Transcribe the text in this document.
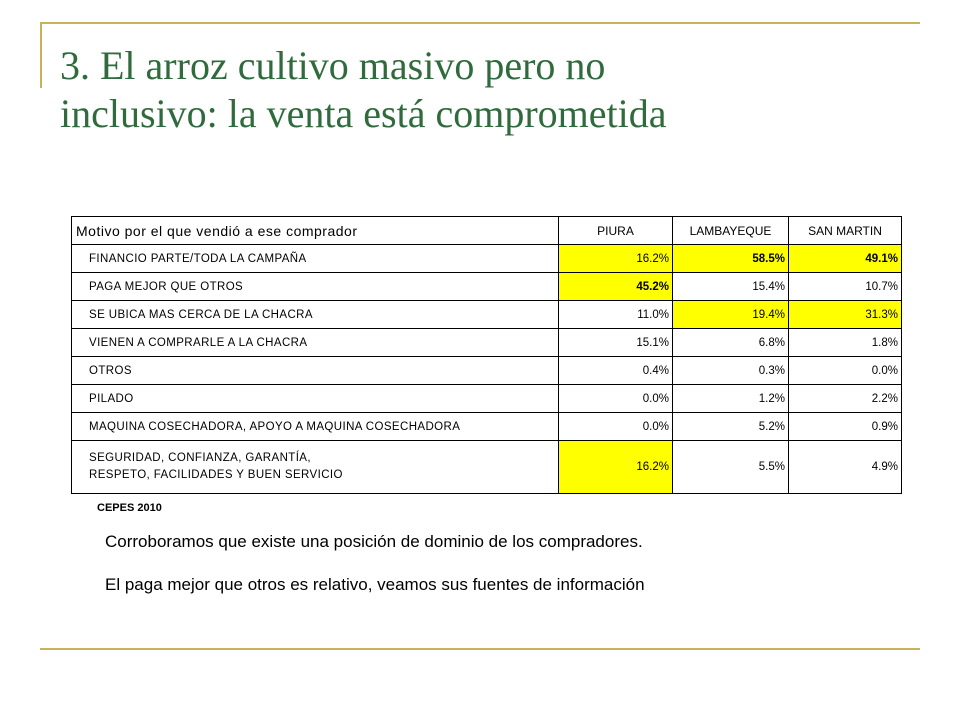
3. El arroz cultivo masivo pero no
inclusivo: la venta está comprometida
Motivo por el que vendió a ese comprador	PIURA	LAMBAYEQUE	SAN MARTIN
FINANCIO PARTE/TODA LA CAMPAÑA	16.2%	58.5%	49.1%
PAGA MEJOR QUE OTROS	45.2%	15.4%	10.7%
SE UBICA MAS CERCA DE LA CHACRA	11.0%	19.4%	31.3%
VIENEN A COMPRARLE A LA CHACRA	15.1%	6.8%	1.8%
OTROS	0.4%	0.3%	0.0%
PILADO	0.0%	1.2%	2.2%
MAQUINA COSECHADORA, APOYO A MAQUINA COSECHADORA	0.0%	5.2%	0.9%

SEGURIDAD, CONFIANZA, GARANTÍA,
RESPETO, FACILIDADES Y BUEN SERVICIO	16.2%	5.5%	4.9%
CEPES 2010

Corroboramos que existe una posición de dominio de los compradores.

El paga mejor que otros es relativo, veamos sus fuentes de información
